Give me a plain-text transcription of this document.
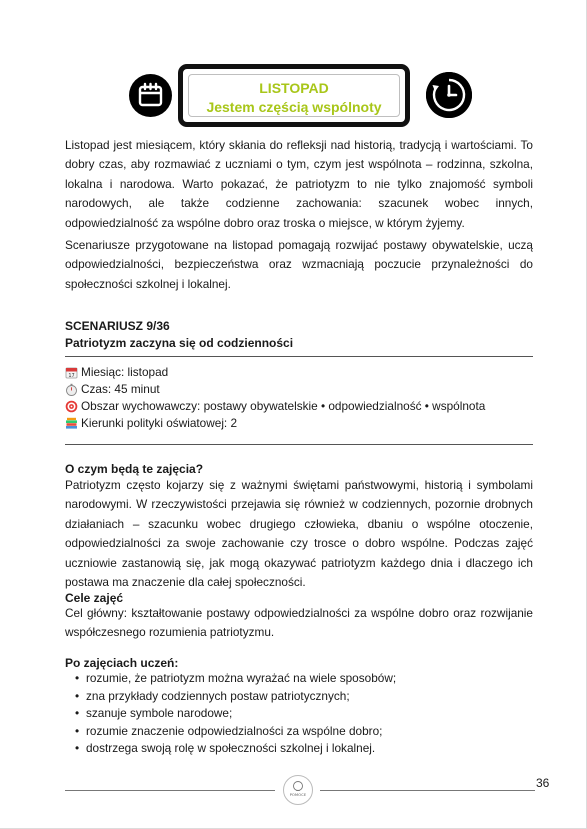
LISTOPAD
Jestem częścią wspólnoty

Listopad jest miesiącem, który skłania do refleksji nad historią, tradycją i wartościami. To dobry czas, aby rozmawiać z uczniami o tym, czym jest wspólnota – rodzinna, szkolna, lokalna i narodowa. Warto pokazać, że patriotyzm to nie tylko znajomość symboli narodowych, ale także codzienne zachowania: szacunek wobec innych, odpowiedzialność za wspólne dobro oraz troska o miejsce, w którym żyjemy.

Scenariusze przygotowane na listopad pomagają rozwijać postawy obywatelskie, uczą odpowiedzialności, bezpieczeństwa oraz wzmacniają poczucie przynależności do społeczności szkolnej i lokalnej.

SCENARIUSZ 9/36
Patriotyzm zaczyna się od codzienności
17 Miesiąc: listopad
Czas: 45 minut
Obszar wychowawczy: postawy obywatelskie • odpowiedzialność • wspólnota
Kierunki polityki oświatowej: 2
O czym będą te zajęcia?

Patriotyzm często kojarzy się z ważnymi świętami państwowymi, historią i symbolami narodowymi. W rzeczywistości przejawia się również w codziennych, pozornie drobnych działaniach – szacunku wobec drugiego człowieka, dbaniu o wspólne otoczenie, odpowiedzialności za swoje zachowanie czy trosce o dobro wspólne. Podczas zajęć uczniowie zastanowią się, jak mogą okazywać patriotyzm każdego dnia i dlaczego ich postawa ma znaczenie dla całej społeczności.

Cele zajęć

Cel główny: kształtowanie postawy odpowiedzialności za wspólne dobro oraz rozwijanie współczesnego rozumienia patriotyzmu.

Po zajęciach uczeń:
• rozumie, że patriotyzm można wyrażać na wiele sposobów;
• zna przykłady codziennych postaw patriotycznych;
• szanuje symbole narodowe;
• rozumie znaczenie odpowiedzialności za wspólne dobro;
• dostrzega swoją rolę w społeczności szkolnej i lokalnej.
POMOCE
36
